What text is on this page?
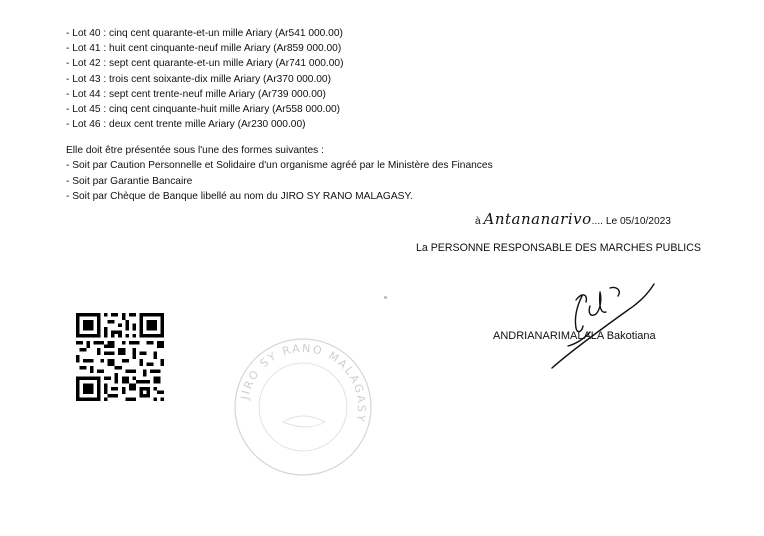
- Lot 40 : cinq cent quarante-et-un mille Ariary (Ar541 000.00)
- Lot 41 : huit cent cinquante-neuf mille Ariary (Ar859 000.00)
- Lot 42 : sept cent quarante-et-un mille Ariary (Ar741 000.00)
- Lot 43 : trois cent soixante-dix mille Ariary (Ar370 000.00)
- Lot 44 : sept cent trente-neuf mille Ariary (Ar739 000.00)
- Lot 45 : cinq cent cinquante-huit mille Ariary (Ar558 000.00)
- Lot 46 : deux cent trente mille Ariary (Ar230 000.00)
Elle doit être présentée sous l'une des formes suivantes :
- Soit par Caution Personnelle et Solidaire d'un organisme agréé par le Ministère des Finances
- Soit par Garantie Bancaire
- Soit par Chèque de Banque libellé au nom du JIRO SY RANO MALAGASY.
à Antananarivo.... Le 05/10/2023
La PERSONNE RESPONSABLE DES MARCHES PUBLICS
JIRO SY RANO MALAGASY
ANDRIANARIMALALA Bakotiana
